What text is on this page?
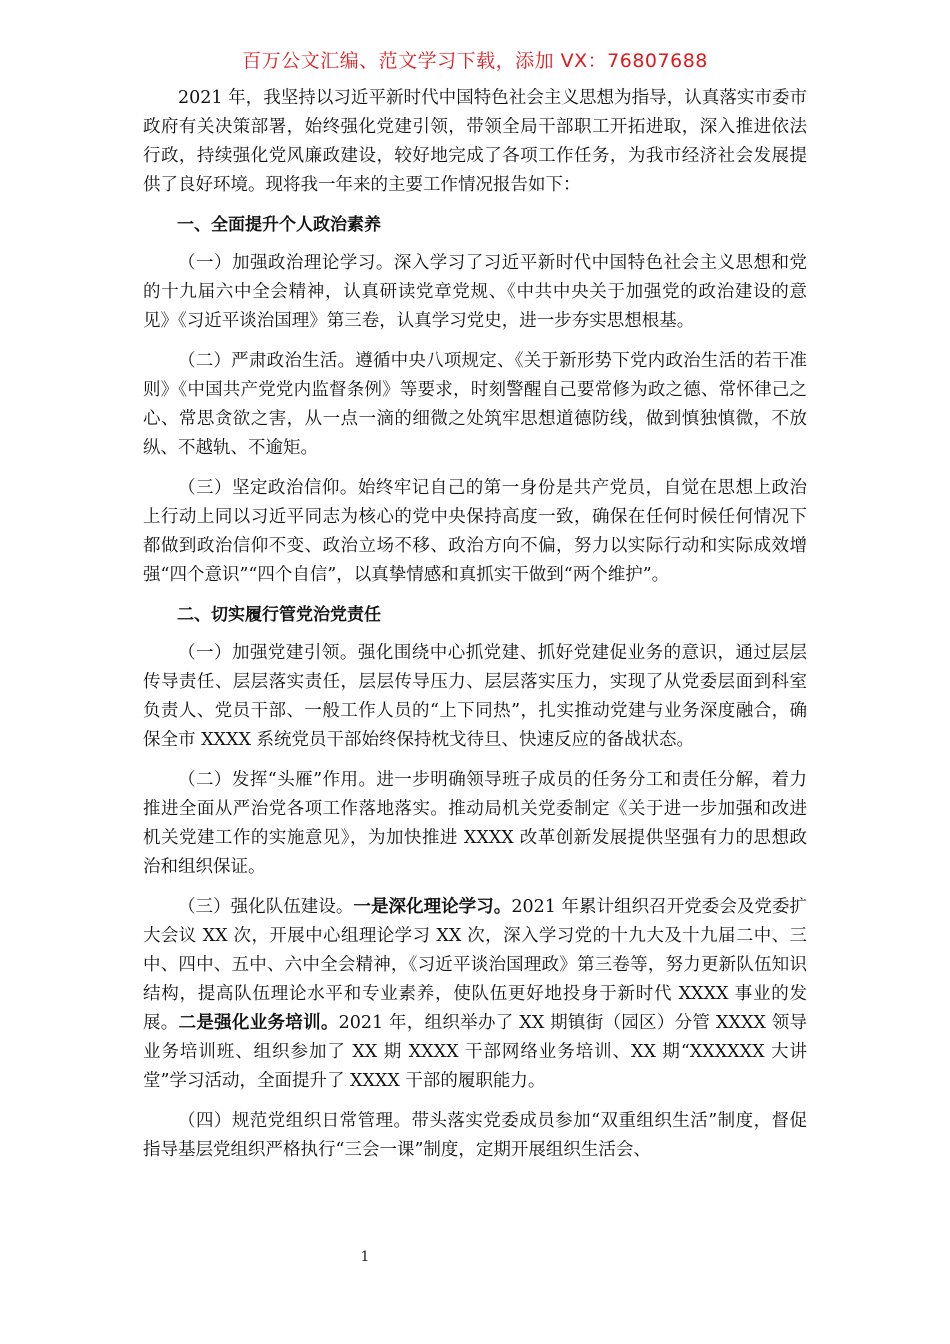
百万公文汇编、范文学习下载，添加 VX：76807688

2021 年，我坚持以习近平新时代中国特色社会主义思想为指导，认真落实市委市政府有关决策部署，始终强化党建引领，带领全局干部职工开拓进取，深入推进依法行政，持续强化党风廉政建设，较好地完成了各项工作任务，为我市经济社会发展提供了良好环境。现将我一年来的主要工作情况报告如下：

一、全面提升个人政治素养

（一）加强政治理论学习。深入学习了习近平新时代中国特色社会主义思想和党的十九届六中全会精神，认真研读党章党规、《中共中央关于加强党的政治建设的意见》《习近平谈治国理》第三卷，认真学习党史，进一步夯实思想根基。

（二）严肃政治生活。遵循中央八项规定、《关于新形势下党内政治生活的若干准则》《中国共产党党内监督条例》等要求，时刻警醒自己要常修为政之德、常怀律己之心、常思贪欲之害，从一点一滴的细微之处筑牢思想道德防线，做到慎独慎微，不放纵、不越轨、不逾矩。

（三）坚定政治信仰。始终牢记自己的第一身份是共产党员，自觉在思想上政治上行动上同以习近平同志为核心的党中央保持高度一致，确保在任何时候任何情况下都做到政治信仰不变、政治立场不移、政治方向不偏，努力以实际行动和实际成效增强“四个意识”“四个自信”，以真挚情感和真抓实干做到“两个维护”。

二、切实履行管党治党责任

（一）加强党建引领。强化围绕中心抓党建、抓好党建促业务的意识，通过层层传导责任、层层落实责任，层层传导压力、层层落实压力，实现了从党委层面到科室负责人、党员干部、一般工作人员的“上下同热”，扎实推动党建与业务深度融合，确保全市 XXXX 系统党员干部始终保持枕戈待旦、快速反应的备战状态。

（二）发挥“头雁”作用。进一步明确领导班子成员的任务分工和责任分解，着力推进全面从严治党各项工作落地落实。推动局机关党委制定《关于进一步加强和改进机关党建工作的实施意见》，为加快推进 XXXX 改革创新发展提供坚强有力的思想政治和组织保证。

（三）强化队伍建设。一是深化理论学习。2021 年累计组织召开党委会及党委扩大会议 XX 次，开展中心组理论学习 XX 次，深入学习党的十九大及十九届二中、三中、四中、五中、六中全会精神，《习近平谈治国理政》第三卷等，努力更新队伍知识结构，提高队伍理论水平和专业素养，使队伍更好地投身于新时代 XXXX 事业的发展。二是强化业务培训。2021 年，组织举办了 XX 期镇街（园区）分管 XXXX 领导业务培训班、组织参加了 XX 期 XXXX 干部网络业务培训、XX 期“XXXXXX 大讲堂”学习活动，全面提升了 XXXX 干部的履职能力。

（四）规范党组织日常管理。带头落实党委成员参加“双重组织生活”制度，督促指导基层党组织严格执行“三会一课”制度，定期开展组织生活会、

1
